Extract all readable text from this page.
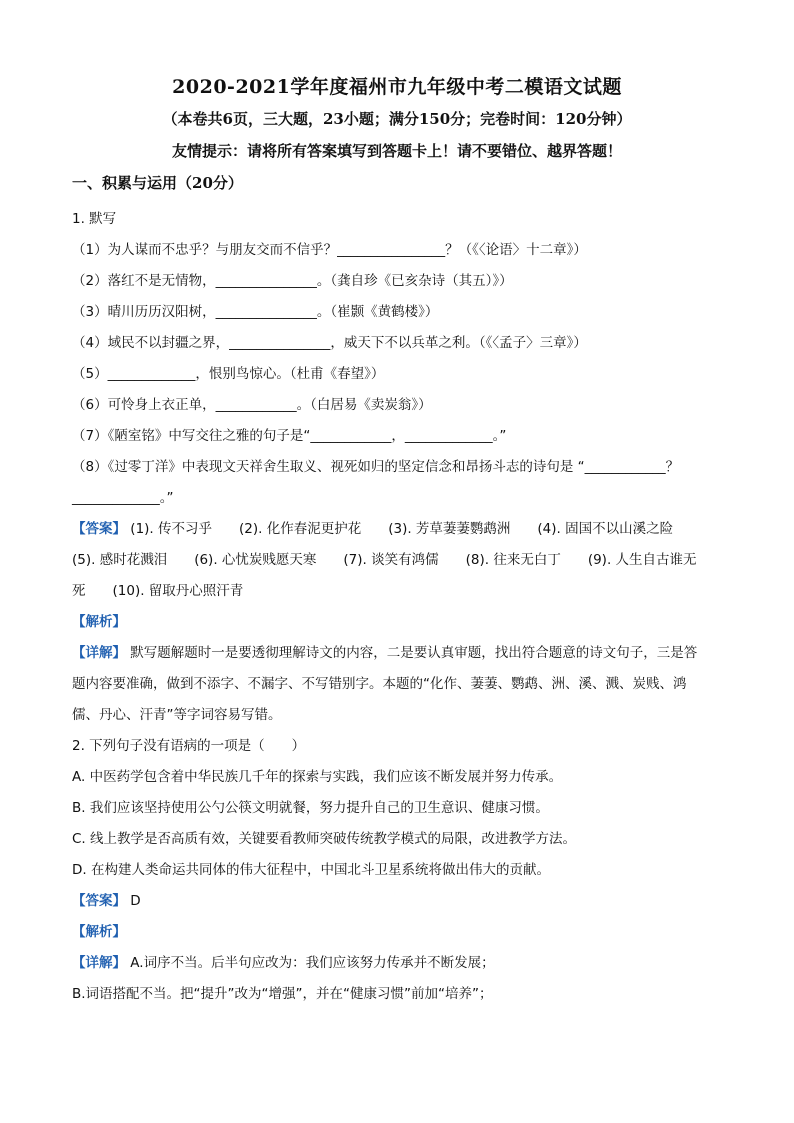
2020-2021学年度福州市九年级中考二模语文试题
（本卷共6页，三大题，23小题；满分150分；完卷时间：120分钟）
友情提示：请将所有答案填写到答题卡上！请不要错位、越界答题！
一、积累与运用（20分）
1. 默写
（1）为人谋而不忠乎？与朋友交而不信乎？________________？（《〈论语〉十二章》）
（2）落红不是无情物，_______________。（龚自珍《已亥杂诗（其五）》）
（3）晴川历历汉阳树，_______________。（崔颢《黄鹤楼》）
（4）域民不以封疆之界，_______________，威天下不以兵革之利。（《〈孟子〉三章》）
（5）_____________，恨别鸟惊心。（杜甫《春望》）
（6）可怜身上衣正单，____________。（白居易《卖炭翁》）
（7）《陋室铭》中写交往之雅的句子是“____________，_____________。”
（8）《过零丁洋》中表现文天祥舍生取义、视死如归的坚定信念和昂扬斗志的诗句是 “____________？
_____________。”
【答案】 (1). 传不习乎　　(2). 化作春泥更护花　　(3). 芳草萋萋鹦鹉洲　　(4). 固国不以山溪之险
(5). 感时花溅泪　　(6). 心忧炭贱愿天寒　　(7). 谈笑有鸿儒　　(8). 往来无白丁　　(9). 人生自古谁无
死　　(10). 留取丹心照汗青
【解析】
【详解】 默写题解题时一是要透彻理解诗文的内容，二是要认真审题，找出符合题意的诗文句子，三是答
题内容要准确，做到不添字、不漏字、不写错别字。本题的“化作、萋萋、鹦鹉、洲、溪、溅、炭贱、鸿
儒、丹心、汗青”等字词容易写错。
2. 下列句子没有语病的一项是（　　）
A. 中医药学包含着中华民族几千年的探索与实践，我们应该不断发展并努力传承。
B. 我们应该坚持使用公勺公筷文明就餐，努力提升自己的卫生意识、健康习惯。
C. 线上教学是否高质有效，关键要看教师突破传统教学模式的局限，改进教学方法。
D. 在构建人类命运共同体的伟大征程中，中国北斗卫星系统将做出伟大的贡献。
【答案】 D
【解析】
【详解】 A.词序不当。后半句应改为：我们应该努力传承并不断发展；
B.词语搭配不当。把“提升”改为“增强”，并在“健康习惯”前加“培养”；
